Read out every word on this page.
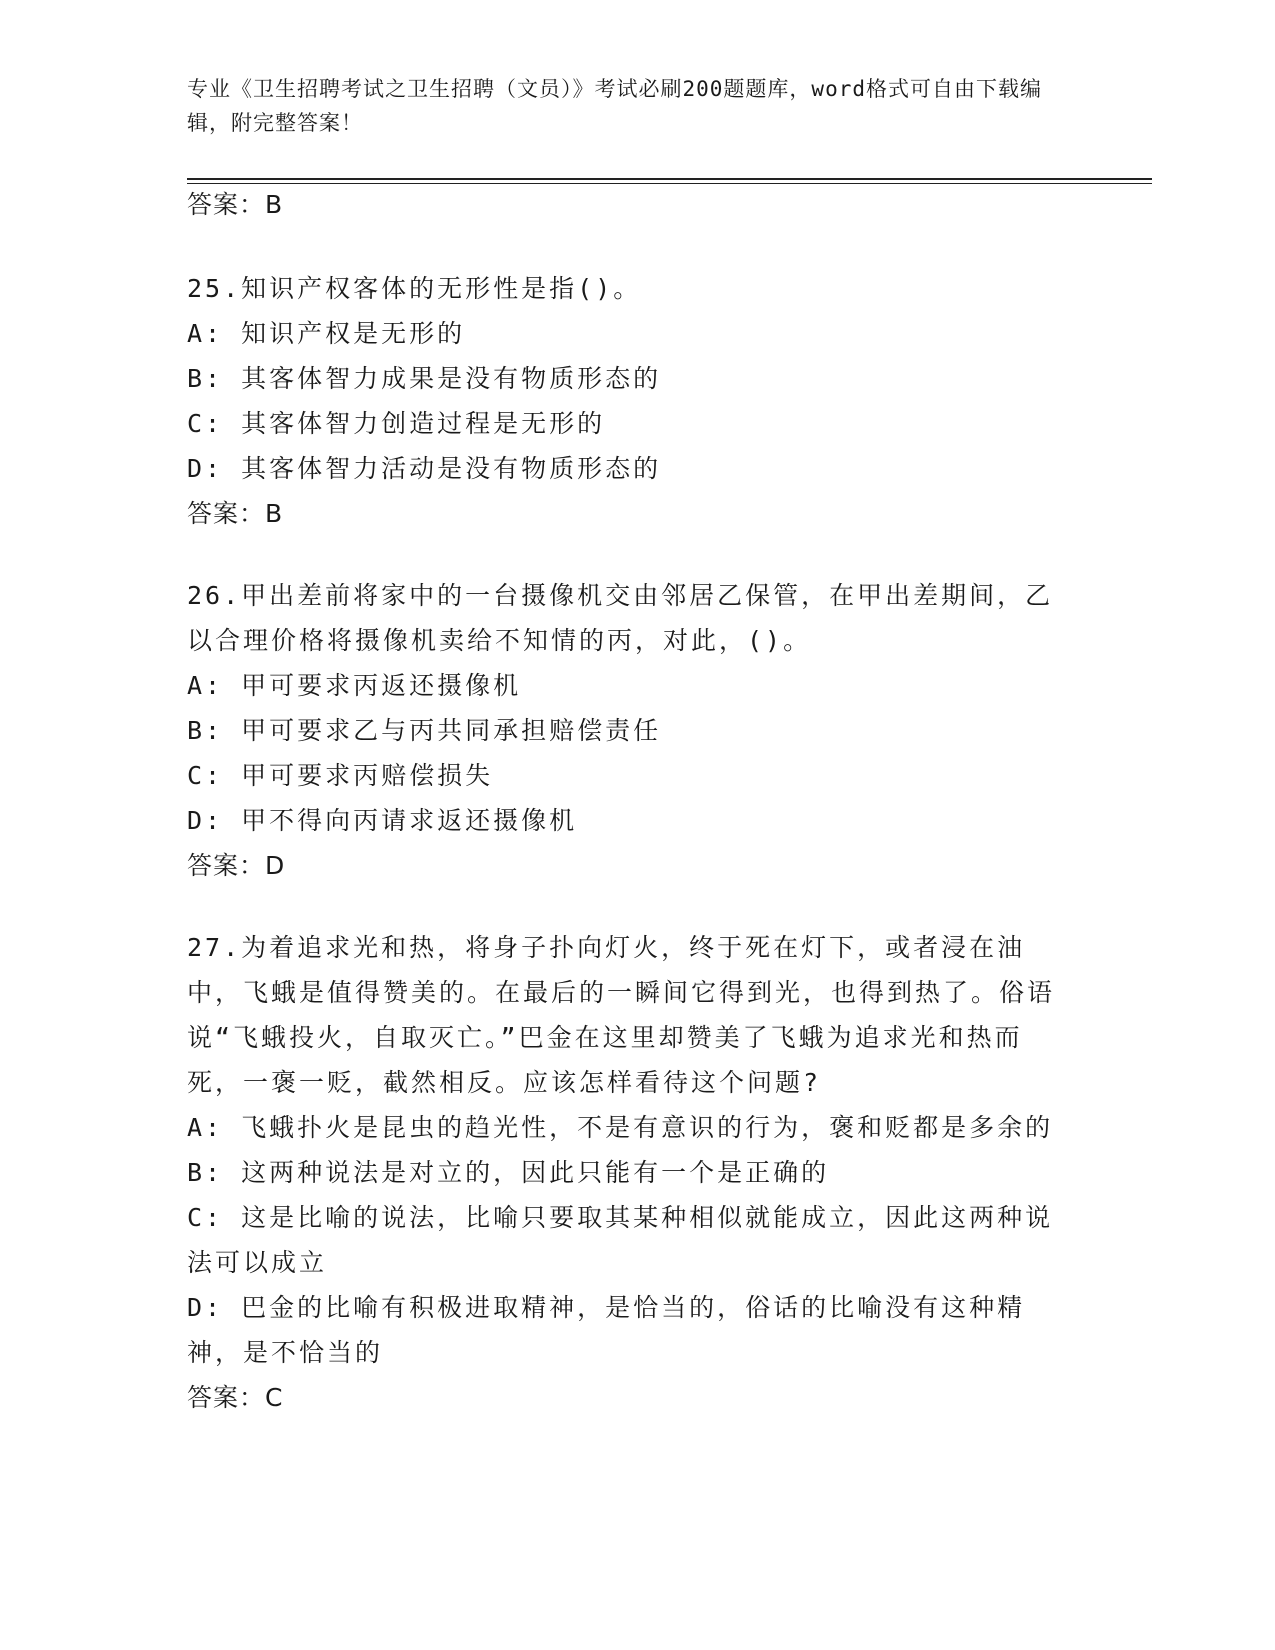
专业《卫生招聘考试之卫生招聘（文员）》考试必刷200题题库，word格式可自由下载编辑，附完整答案！
答案：B
25.知识产权客体的无形性是指()。
A: 知识产权是无形的
B: 其客体智力成果是没有物质形态的
C: 其客体智力创造过程是无形的
D: 其客体智力活动是没有物质形态的
答案：B
26.甲出差前将家中的一台摄像机交由邻居乙保管，在甲出差期间，乙以合理价格将摄像机卖给不知情的丙，对此，()。
A: 甲可要求丙返还摄像机
B: 甲可要求乙与丙共同承担赔偿责任
C: 甲可要求丙赔偿损失
D: 甲不得向丙请求返还摄像机
答案：D
27.为着追求光和热，将身子扑向灯火，终于死在灯下，或者浸在油中，飞蛾是值得赞美的。在最后的一瞬间它得到光，也得到热了。俗语说“飞蛾投火，自取灭亡。”巴金在这里却赞美了飞蛾为追求光和热而死，一褒一贬，截然相反。应该怎样看待这个问题?
A: 飞蛾扑火是昆虫的趋光性，不是有意识的行为，褒和贬都是多余的
B: 这两种说法是对立的，因此只能有一个是正确的
C: 这是比喻的说法，比喻只要取其某种相似就能成立，因此这两种说法可以成立
D: 巴金的比喻有积极进取精神，是恰当的，俗话的比喻没有这种精神，是不恰当的
答案：C
